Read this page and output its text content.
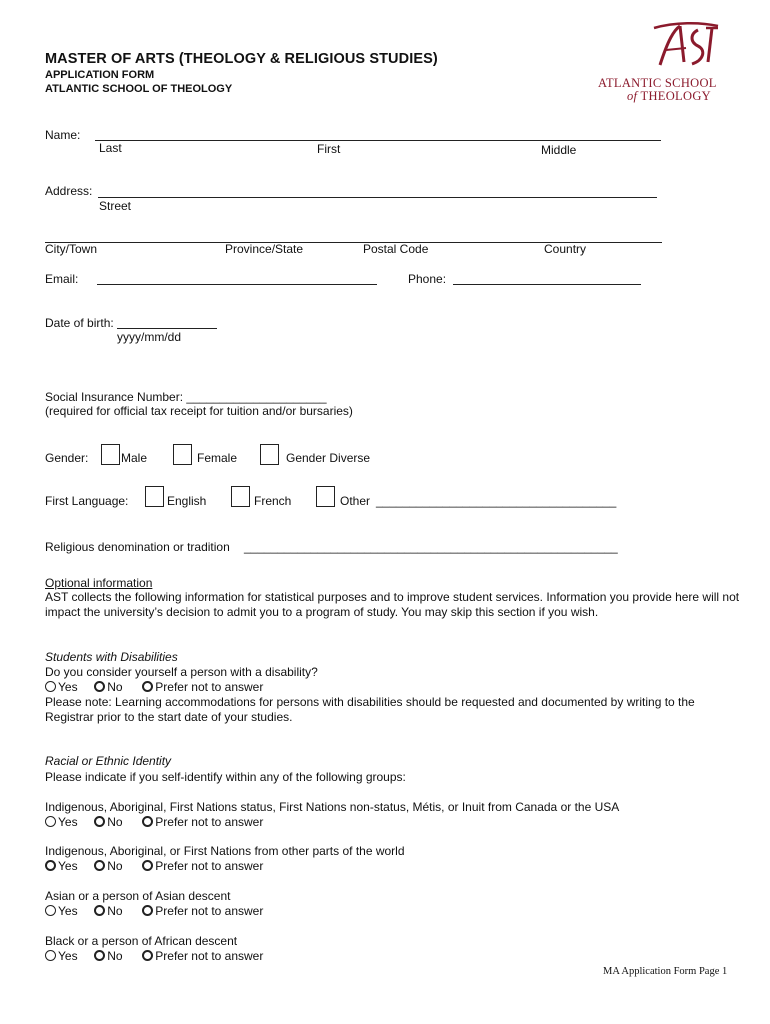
MASTER OF ARTS (THEOLOGY & RELIGIOUS STUDIES)
APPLICATION FORM
ATLANTIC SCHOOL OF THEOLOGY	ATLANTIC SCHOOL
of THEOLOGY
Name:
Last	First	Middle
Address:
Street
City/Town	Province/State	Postal Code	Country
Email:	Phone:
Date of birth:
yyyy/mm/dd
Social Insurance Number: _____________________
(required for official tax receipt for tuition and/or bursaries)
Gender:	Male	Female	Gender Diverse
First Language:	English	French	Other ____________________________________
Religious denomination or tradition ________________________________________________________
Optional information
AST collects the following information for statistical purposes and to improve student services. Information you provide here will not impact the university’s decision to admit you to a program of study. You may skip this section if you wish.
Students with Disabilities
Do you consider yourself a person with a disability?
Yes No	Prefer not to answer
Please note: Learning accommodations for persons with disabilities should be requested and documented by writing to the Registrar prior to the start date of your studies.
Racial or Ethnic Identity
Please indicate if you self-identify within any of the following groups:
Indigenous, Aboriginal, First Nations status, First Nations non-status, Métis, or Inuit from Canada or the USA
Yes No	Prefer not to answer
Indigenous, Aboriginal, or First Nations from other parts of the world
Yes No	Prefer not to answer
Asian or a person of Asian descent
Yes No	Prefer not to answer
Black or a person of African descent
Yes No	Prefer not to answer
MA Application Form Page 1
